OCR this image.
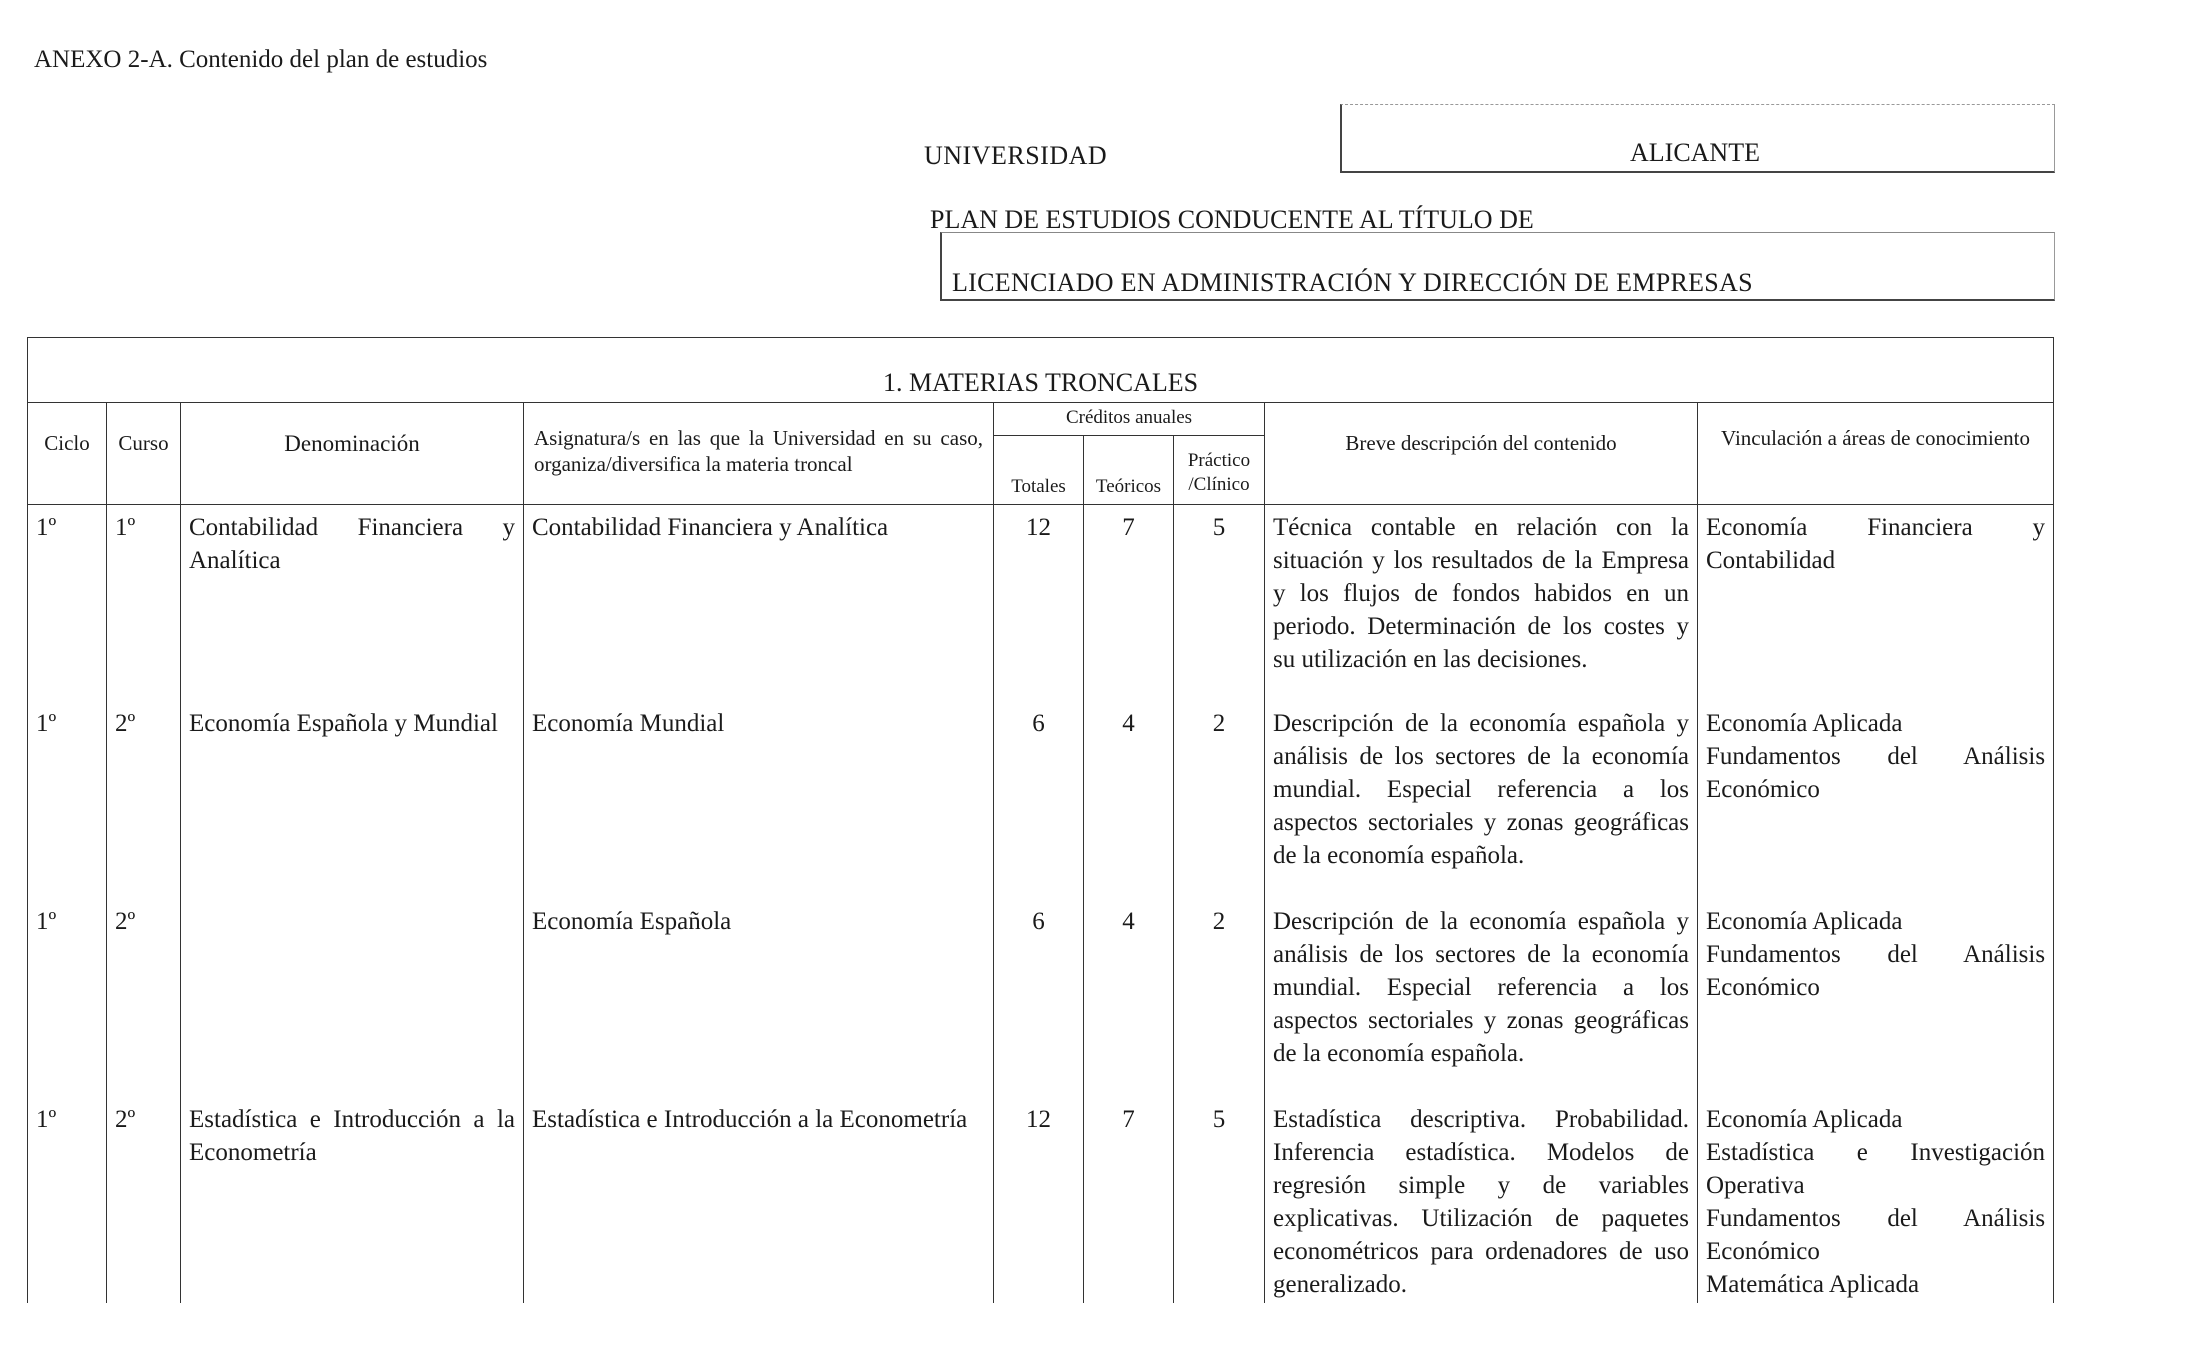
ANEXO 2-A. Contenido del plan de estudios
UNIVERSIDAD	ALICANTE
PLAN DE ESTUDIOS CONDUCENTE AL TÍTULO DE
LICENCIADO EN ADMINISTRACIÓN Y DIRECCIÓN DE EMPRESAS
1. MATERIAS TRONCALES								
Ciclo	Curso	Denominación	Asignatura/s en las que la Universidad en su caso, organiza/diversifica la materia troncal	Créditos anuales			Breve descripción del contenido	Vinculación a áreas de conocimiento
				Totales	Teóricos	Práctico /Clínico		
1º	1º	Contabilidad Financiera y Analítica	Contabilidad Financiera y Analítica	12	7	5	Técnica contable en relación con la situación y los resultados de la Empresa y los flujos de fondos habidos en un periodo. Determinación de los costes y su utilización en las decisiones.	Economía Financiera y Contabilidad

1º	2º	Economía Española y Mundial	Economía Mundial	6	4	2	Descripción de la economía española y análisis de los sectores de la economía mundial. Especial referencia a los aspectos sectoriales y zonas geográficas de la economía española.	Economía Aplicada
Fundamentos del Análisis Económico

1º	2º		Economía Española	6	4	2	Descripción de la economía española y análisis de los sectores de la economía mundial. Especial referencia a los aspectos sectoriales y zonas geográficas de la economía española.	Economía Aplicada
Fundamentos del Análisis Económico

1º	2º	Estadística e Introducción a la Econometría	Estadística e Introducción a la Econometría	12	7	5	Estadística descriptiva. Probabilidad. Inferencia estadística. Modelos de regresión simple y de variables explicativas. Utilización de paquetes econométricos para ordenadores de uso generalizado.	Economía Aplicada
Estadística e Investigación Operativa
Fundamentos del Análisis Económico
Matemática Aplicada
